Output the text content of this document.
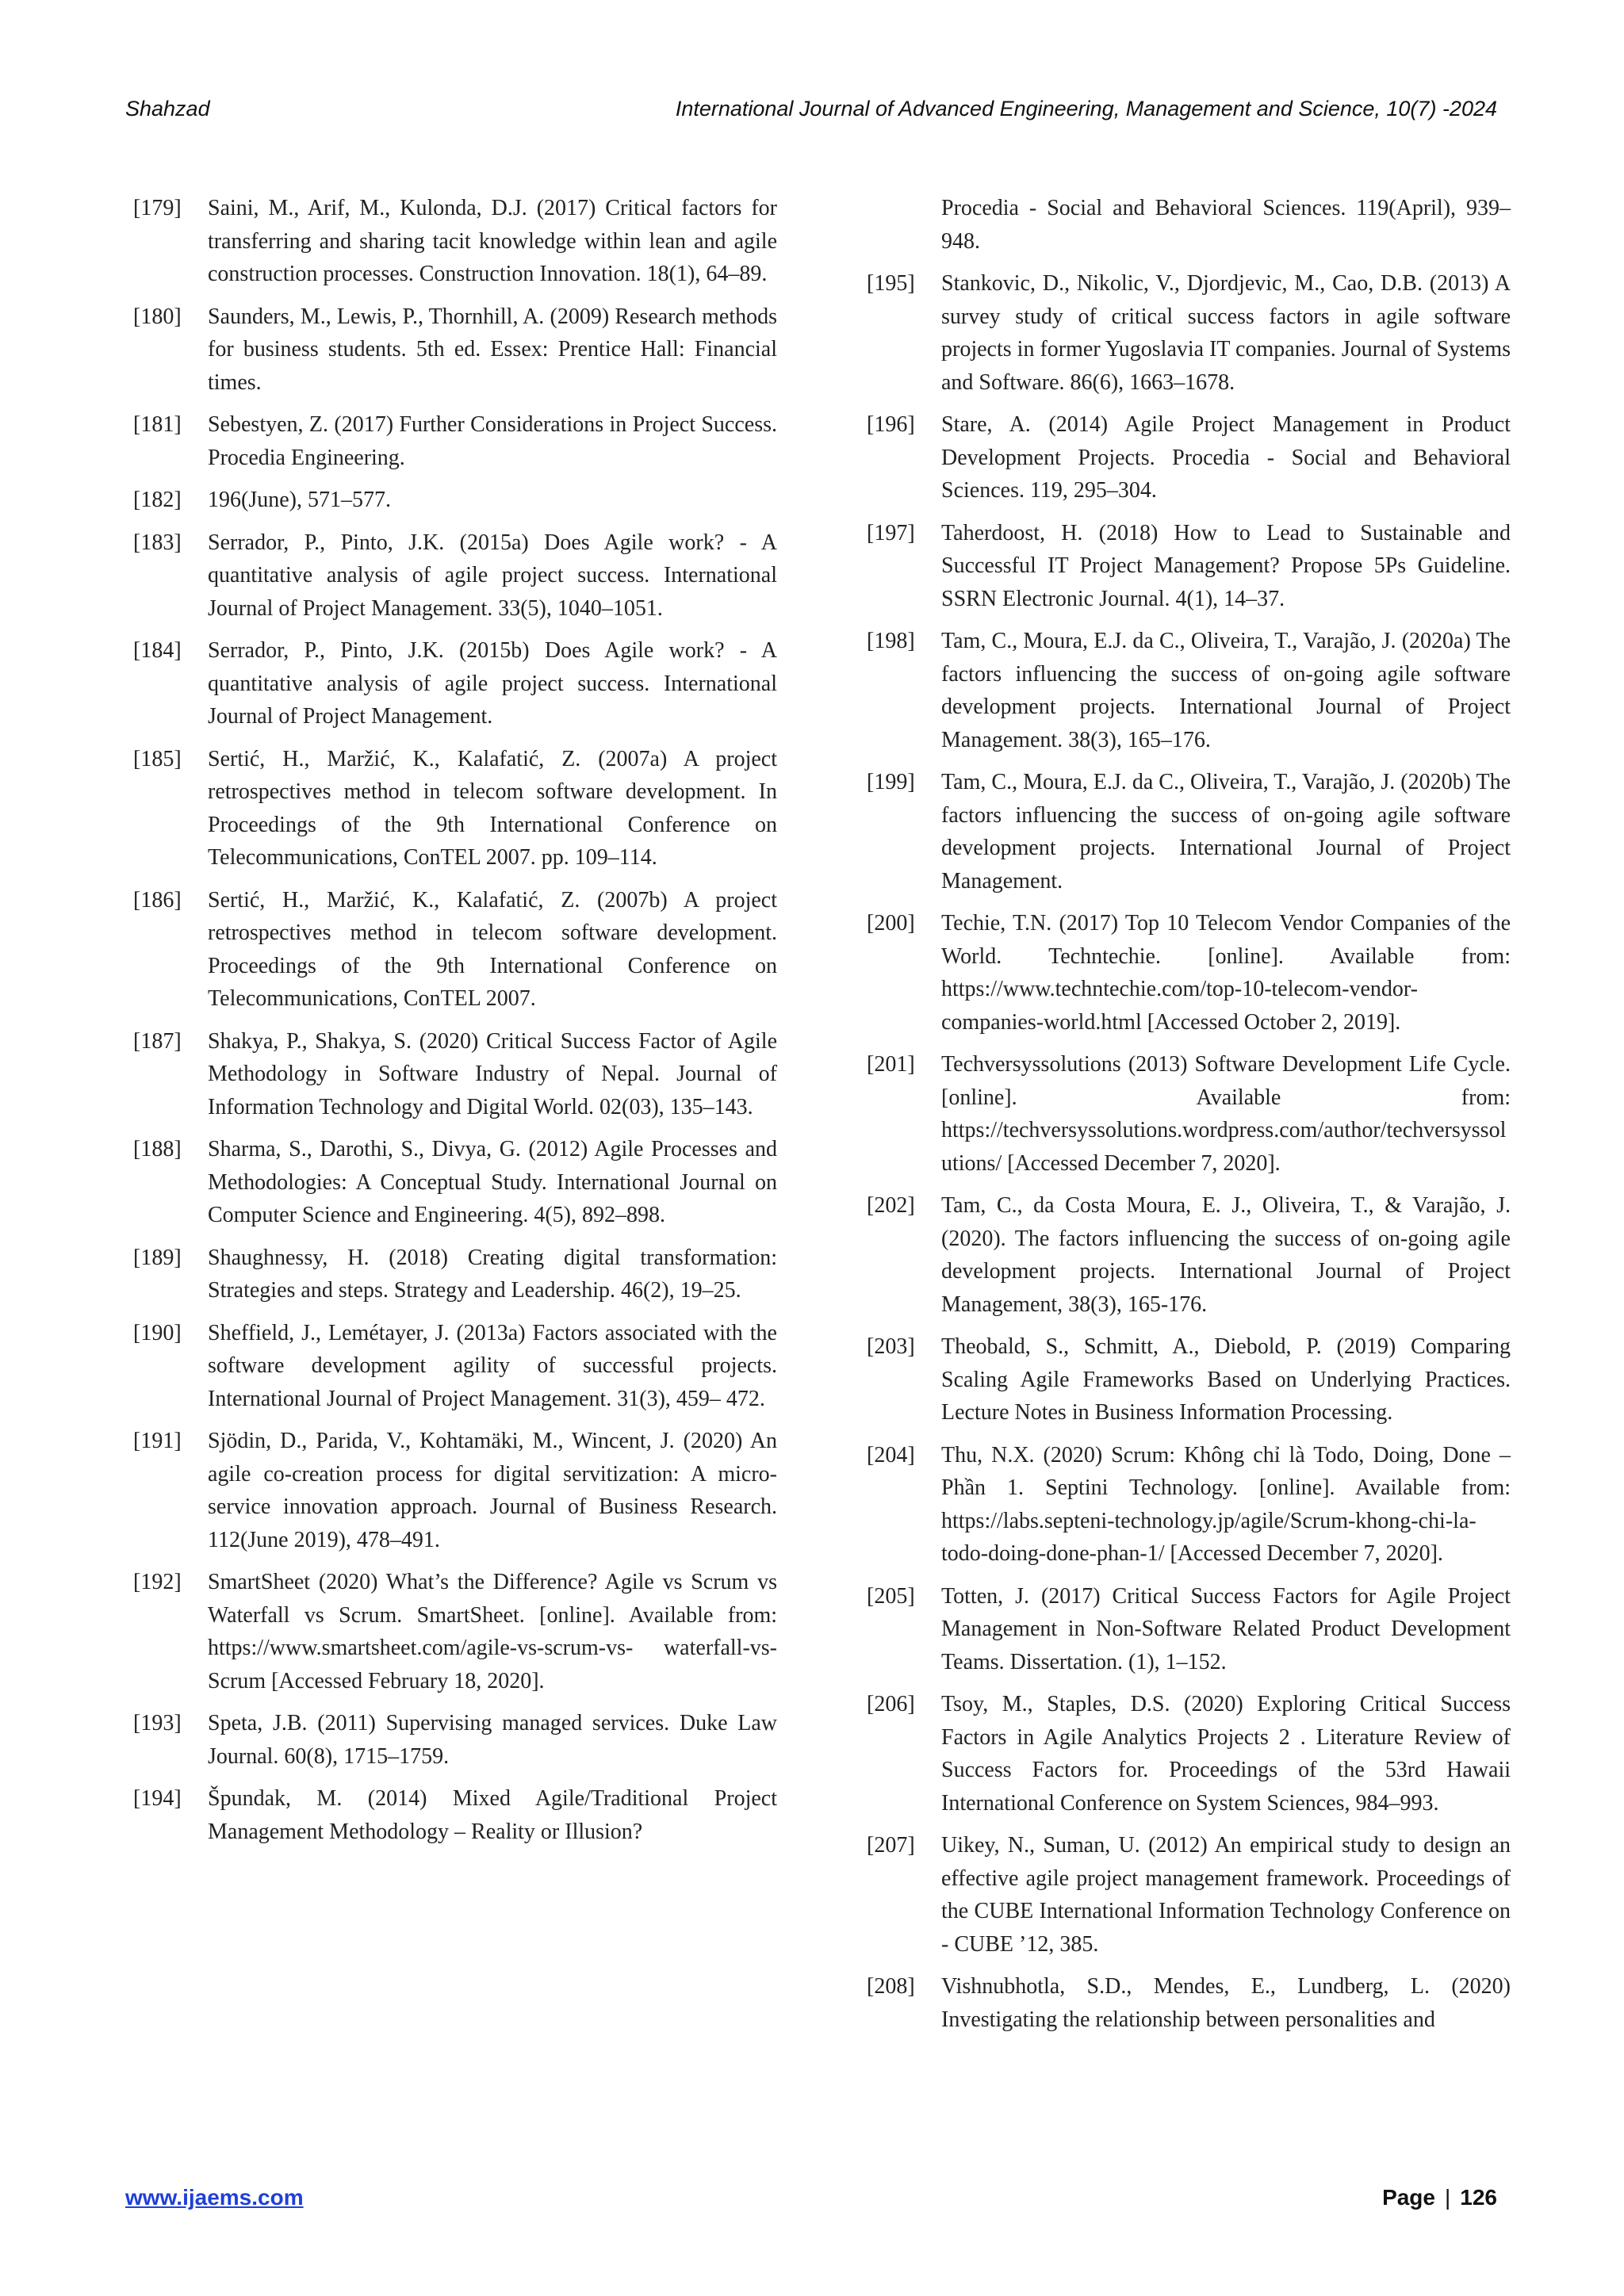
Shahzad	International Journal of Advanced Engineering, Management and Science, 10(7) -2024
[179]	Saini, M., Arif, M., Kulonda, D.J. (2017) Critical factors for transferring and sharing tacit knowledge within lean and agile construction processes. Construction Innovation. 18(1), 64–89.
[180]	Saunders, M., Lewis, P., Thornhill, A. (2009) Research methods for business students. 5th ed. Essex: Prentice Hall: Financial times.
[181]	Sebestyen, Z. (2017) Further Considerations in Project Success. Procedia Engineering.
[182]	196(June), 571–577.
[183]	Serrador, P., Pinto, J.K. (2015a) Does Agile work? - A quantitative analysis of agile project success. International Journal of Project Management. 33(5), 1040–1051.
[184]	Serrador, P., Pinto, J.K. (2015b) Does Agile work? - A quantitative analysis of agile project success. International Journal of Project Management.
[185]	Sertić, H., Maržić, K., Kalafatić, Z. (2007a) A project retrospectives method in telecom software development. In Proceedings of the 9th International Conference on Telecommunications, ConTEL 2007. pp. 109–114.
[186]	Sertić, H., Maržić, K., Kalafatić, Z. (2007b) A project retrospectives method in telecom software development. Proceedings of the 9th International Conference on Telecommunications, ConTEL 2007.
[187]	Shakya, P., Shakya, S. (2020) Critical Success Factor of Agile Methodology in Software Industry of Nepal. Journal of Information Technology and Digital World. 02(03), 135–143.
[188]	Sharma, S., Darothi, S., Divya, G. (2012) Agile Processes and Methodologies: A Conceptual Study. International Journal on Computer Science and Engineering. 4(5), 892–898.
[189]	Shaughnessy, H. (2018) Creating digital transformation: Strategies and steps. Strategy and Leadership. 46(2), 19–25.
[190]	Sheffield, J., Lemétayer, J. (2013a) Factors associated with the software development agility of successful projects. International Journal of Project Management. 31(3), 459– 472.
[191]	Sjödin, D., Parida, V., Kohtamäki, M., Wincent, J. (2020) An agile co-creation process for digital servitization: A micro-service innovation approach. Journal of Business Research. 112(June 2019), 478–491.
[192]	SmartSheet (2020) What’s the Difference? Agile vs Scrum vs Waterfall vs Scrum. SmartSheet. [online]. Available from: https://www.smartsheet.com/agile-vs-scrum-vs- waterfall-vs-Scrum [Accessed February 18, 2020].
[193]	Speta, J.B. (2011) Supervising managed services. Duke Law Journal. 60(8), 1715–1759.
[194]	Špundak, M. (2014) Mixed Agile/Traditional Project Management Methodology – Reality or Illusion?
Procedia - Social and Behavioral Sciences. 119(April), 939–948.
[195]	Stankovic, D., Nikolic, V., Djordjevic, M., Cao, D.B. (2013) A survey study of critical success factors in agile software projects in former Yugoslavia IT companies. Journal of Systems and Software. 86(6), 1663–1678.
[196]	Stare, A. (2014) Agile Project Management in Product Development Projects. Procedia - Social and Behavioral Sciences. 119, 295–304.
[197]	Taherdoost, H. (2018) How to Lead to Sustainable and Successful IT Project Management? Propose 5Ps Guideline. SSRN Electronic Journal. 4(1), 14–37.
[198]	Tam, C., Moura, E.J. da C., Oliveira, T., Varajão, J. (2020a) The factors influencing the success of on-going agile software development projects. International Journal of Project Management. 38(3), 165–176.
[199]	Tam, C., Moura, E.J. da C., Oliveira, T., Varajão, J. (2020b) The factors influencing the success of on-going agile software development projects. International Journal of Project Management.
[200]	Techie, T.N. (2017) Top 10 Telecom Vendor Companies of the World. Techntechie. [online]. Available from: https://www.techntechie.com/top-10-telecom-vendor-companies-world.html [Accessed October 2, 2019].
[201]	Techversyssolutions (2013) Software Development Life Cycle. [online]. Available from: https://techversyssolutions.wordpress.com/author/techversyssolutions/ [Accessed December 7, 2020].
[202]	Tam, C., da Costa Moura, E. J., Oliveira, T., & Varajão, J. (2020). The factors influencing the success of on-going agile development projects. International Journal of Project Management, 38(3), 165-176.
[203]	Theobald, S., Schmitt, A., Diebold, P. (2019) Comparing Scaling Agile Frameworks Based on Underlying Practices. Lecture Notes in Business Information Processing.
[204]	Thu, N.X. (2020) Scrum: Không chỉ là Todo, Doing, Done – Phần 1. Septini Technology. [online]. Available from: https://labs.septeni-technology.jp/agile/Scrum-khong-chi-la- todo-doing-done-phan-1/ [Accessed December 7, 2020].
[205]	Totten, J. (2017) Critical Success Factors for Agile Project Management in Non-Software Related Product Development Teams. Dissertation. (1), 1–152.
[206]	Tsoy, M., Staples, D.S. (2020) Exploring Critical Success Factors in Agile Analytics Projects 2 . Literature Review of Success Factors for. Proceedings of the 53rd Hawaii International Conference on System Sciences, 984–993.
[207]	Uikey, N., Suman, U. (2012) An empirical study to design an effective agile project management framework. Proceedings of the CUBE International Information Technology Conference on - CUBE ’12, 385.
[208]	Vishnubhotla, S.D., Mendes, E., Lundberg, L. (2020) Investigating the relationship between personalities and
www.ijaems.com	Page | 126
